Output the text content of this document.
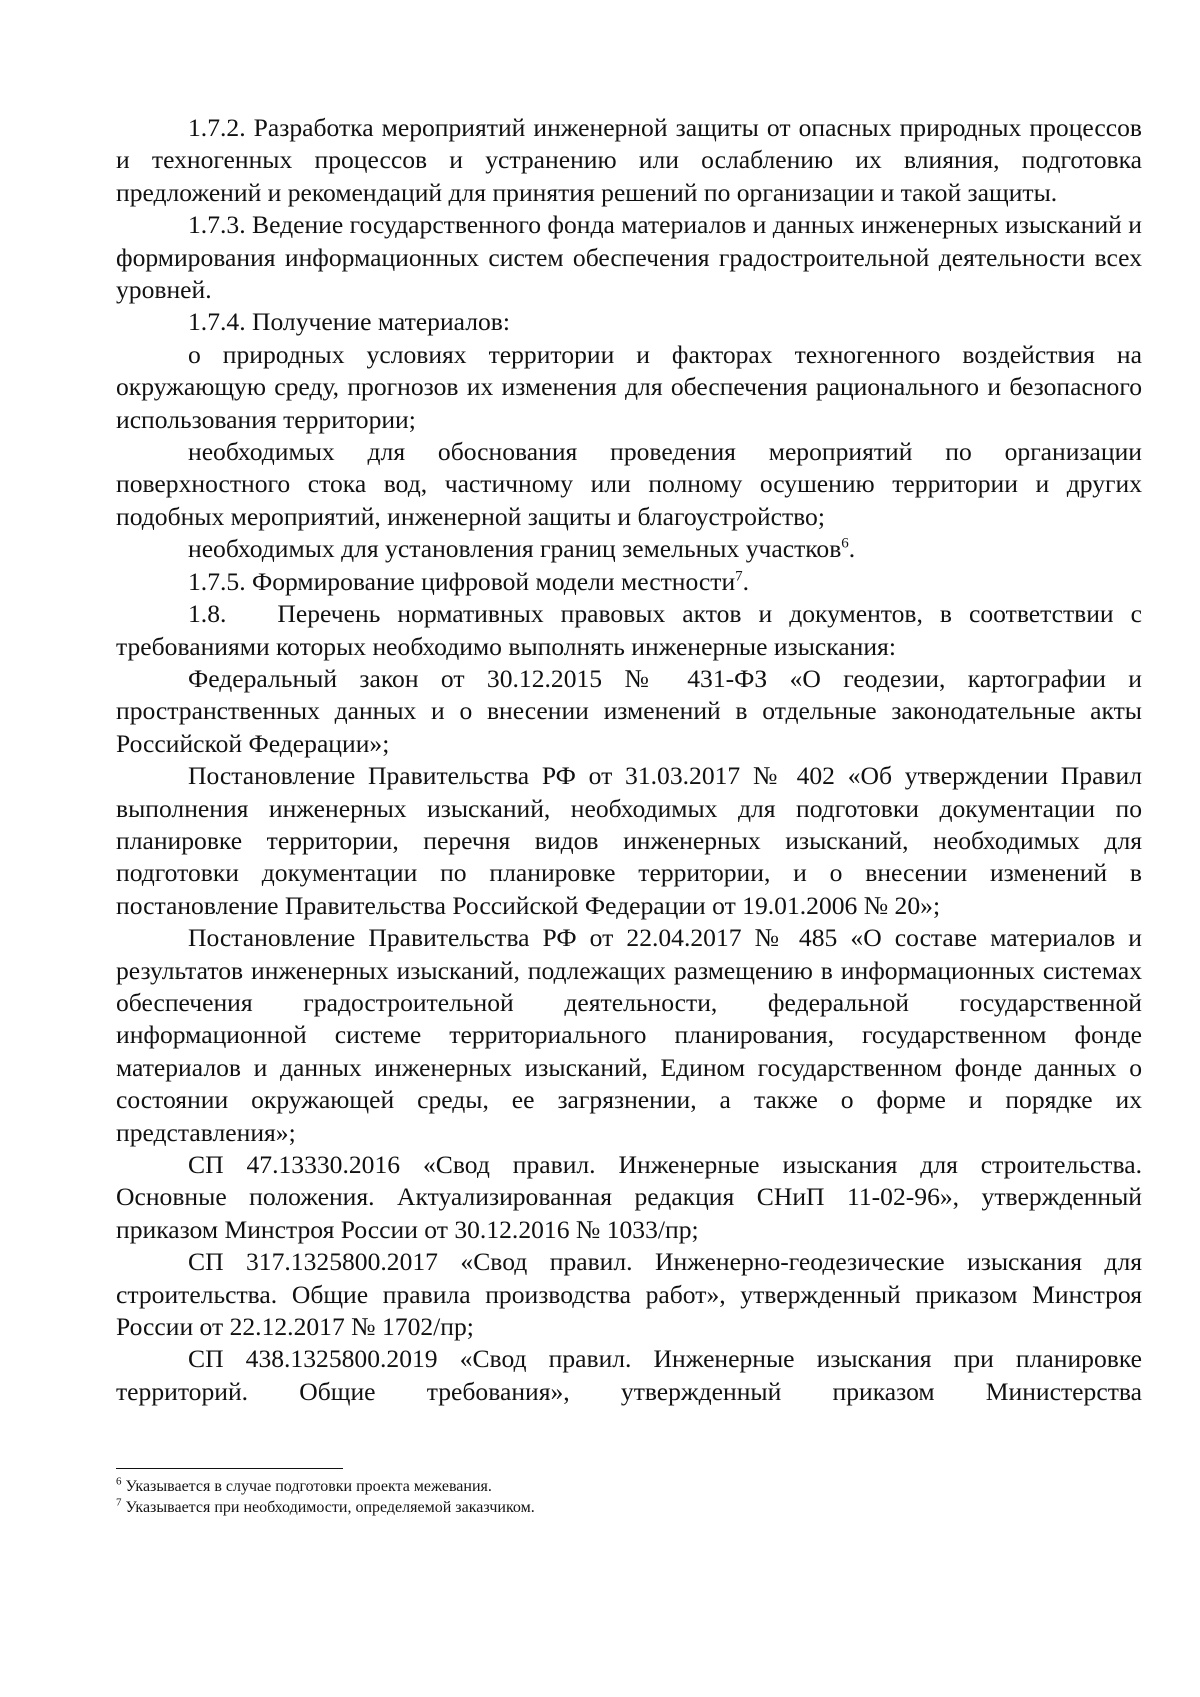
1.7.2. Разработка мероприятий инженерной защиты от опасных природных процессов и техногенных процессов и устранению или ослаблению их влияния, подготовка предложений и рекомендаций для принятия решений по организации и такой защиты.

1.7.3. Ведение государственного фонда материалов и данных инженерных изысканий и формирования информационных систем обеспечения градостроительной деятельности всех уровней.

1.7.4. Получение материалов:

о природных условиях территории и факторах техногенного воздействия на окружающую среду, прогнозов их изменения для обеспечения рационального и безопасного использования территории;

необходимых для обоснования проведения мероприятий по организации поверхностного стока вод, частичному или полному осушению территории и других подобных мероприятий, инженерной защиты и благоустройство;

необходимых для установления границ земельных участков$^6$.

1.7.5. Формирование цифровой модели местности$^7$.

1.8.   Перечень нормативных правовых актов и документов, в соответствии с требованиями которых необходимо выполнять инженерные изыскания:

Федеральный закон от 30.12.2015 № 431-ФЗ «О геодезии, картографии и пространственных данных и о внесении изменений в отдельные законодательные акты Российской Федерации»;

Постановление Правительства РФ от 31.03.2017 № 402 «Об утверждении Правил выполнения инженерных изысканий, необходимых для подготовки документации по планировке территории, перечня видов инженерных изысканий, необходимых для подготовки документации по планировке территории, и о внесении изменений в постановление Правительства Российской Федерации от 19.01.2006 № 20»;

Постановление Правительства РФ от 22.04.2017 № 485 «О составе материалов и результатов инженерных изысканий, подлежащих размещению в информационных системах обеспечения градостроительной деятельности, федеральной государственной информационной системе территориального планирования, государственном фонде материалов и данных инженерных изысканий, Едином государственном фонде данных о состоянии окружающей среды, ее загрязнении, а также о форме и порядке их представления»;

СП 47.13330.2016 «Свод правил. Инженерные изыскания для строительства. Основные положения. Актуализированная редакция СНиП 11-02-96», утвержденный приказом Минстроя России от 30.12.2016 № 1033/пр;

СП 317.1325800.2017 «Свод правил. Инженерно-геодезические изыскания для строительства. Общие правила производства работ», утвержденный приказом Минстроя России от 22.12.2017 № 1702/пр;

СП 438.1325800.2019 «Свод правил. Инженерные изыскания при планировке территорий. Общие требования», утвержденный приказом Министерства

$^6$ Указывается в случае подготовки проекта межевания.

$^7$ Указывается при необходимости, определяемой заказчиком.
